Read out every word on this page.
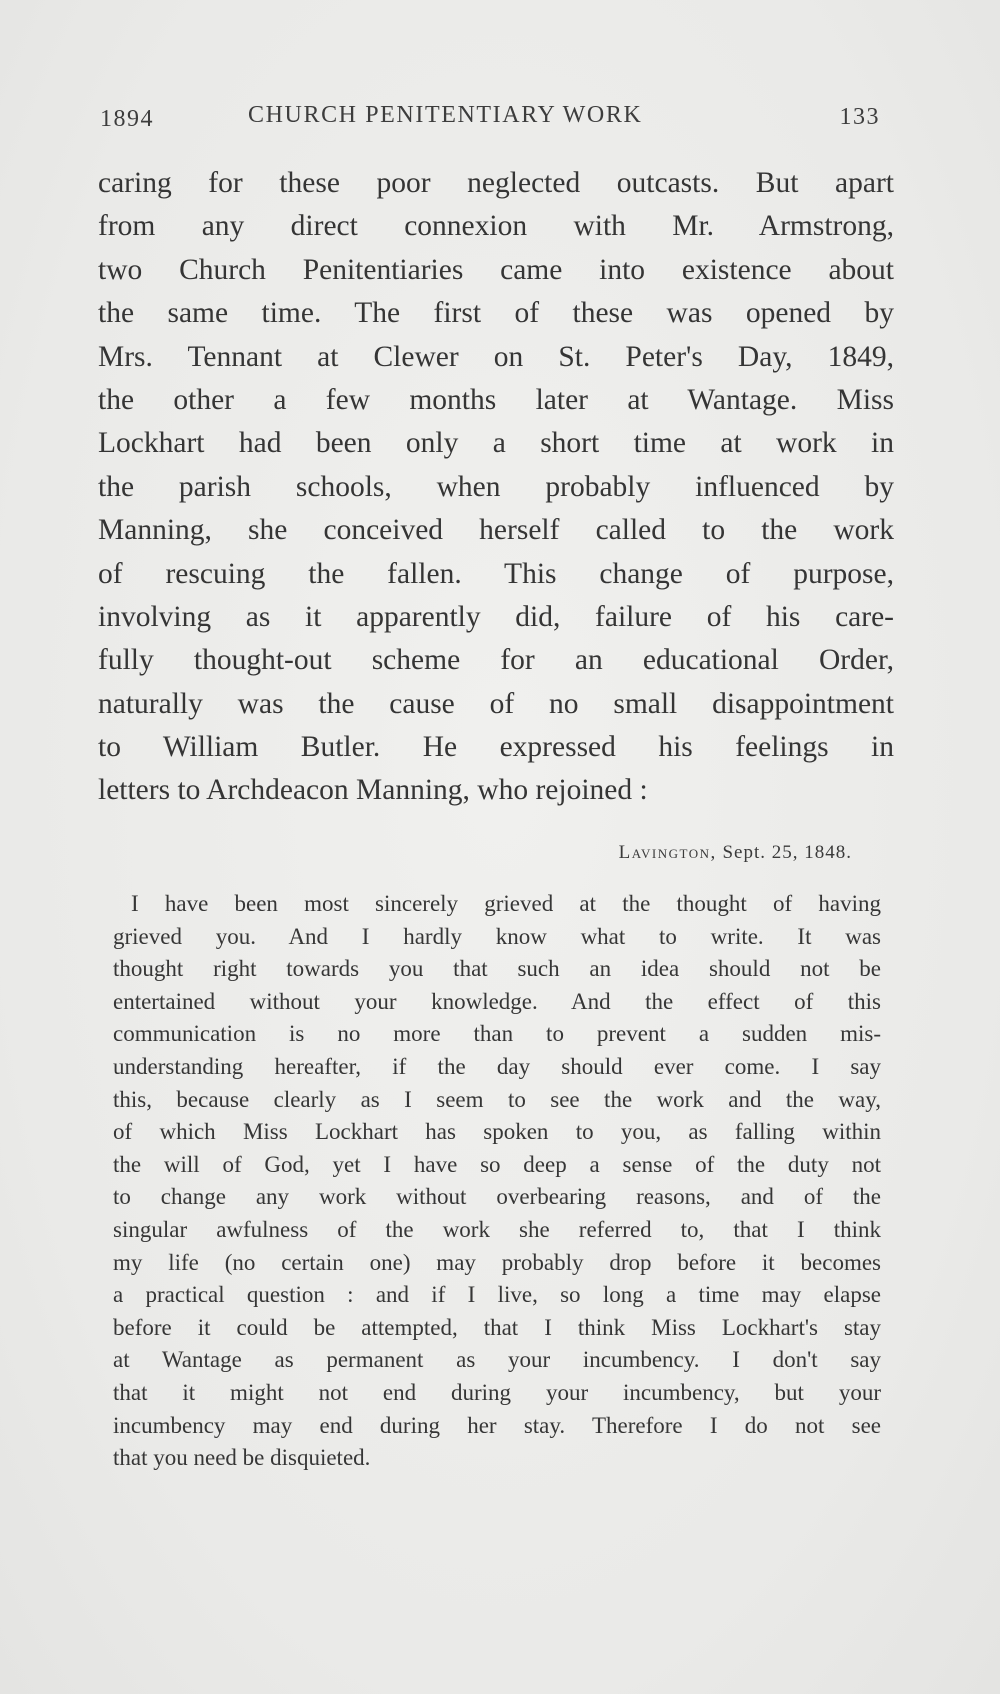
1894	CHURCH PENITENTIARY WORK	133
caring for these poor neglected outcasts. But apart
from any direct connexion with Mr. Armstrong,
two Church Penitentiaries came into existence about
the same time. The first of these was opened by
Mrs. Tennant at Clewer on St. Peter's Day, 1849,
the other a few months later at Wantage. Miss
Lockhart had been only a short time at work in
the parish schools, when probably influenced by
Manning, she conceived herself called to the work
of rescuing the fallen. This change of purpose,
involving as it apparently did, failure of his care-
fully thought-out scheme for an educational Order,
naturally was the cause of no small disappointment
to William Butler. He expressed his feelings in
letters to Archdeacon Manning, who rejoined :
Lavington, Sept. 25, 1848.
I have been most sincerely grieved at the thought of having
grieved you. And I hardly know what to write. It was
thought right towards you that such an idea should not be
entertained without your knowledge. And the effect of this
communication is no more than to prevent a sudden mis-
understanding hereafter, if the day should ever come. I say
this, because clearly as I seem to see the work and the way,
of which Miss Lockhart has spoken to you, as falling within
the will of God, yet I have so deep a sense of the duty not
to change any work without overbearing reasons, and of the
singular awfulness of the work she referred to, that I think
my life (no certain one) may probably drop before it becomes
a practical question : and if I live, so long a time may elapse
before it could be attempted, that I think Miss Lockhart's stay
at Wantage as permanent as your incumbency. I don't say
that it might not end during your incumbency, but your
incumbency may end during her stay. Therefore I do not see
that you need be disquieted.
